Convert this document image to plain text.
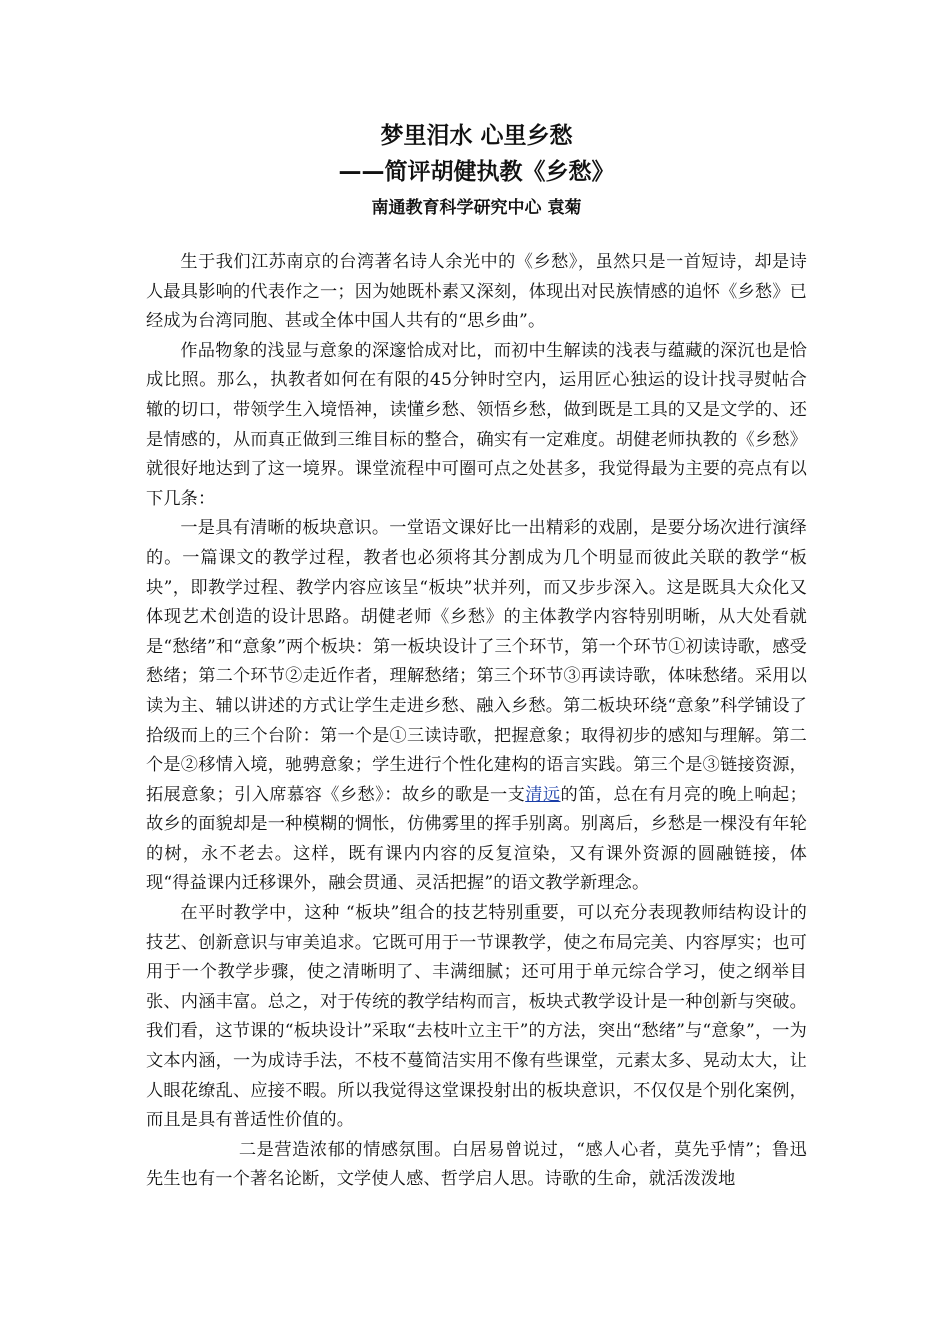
梦里泪水 心里乡愁
——简评胡健执教《乡愁》

南通教育科学研究中心 袁菊

生于我们江苏南京的台湾著名诗人余光中的《乡愁》，虽然只是一首短诗，却是诗人最具影响的代表作之一；因为她既朴素又深刻，体现出对民族情感的追怀《乡愁》已经成为台湾同胞、甚或全体中国人共有的“思乡曲”。

作品物象的浅显与意象的深邃恰成对比，而初中生解读的浅表与蕴藏的深沉也是恰成比照。那么，执教者如何在有限的45分钟时空内，运用匠心独运的设计找寻熨帖合辙的切口，带领学生入境悟神，读懂乡愁、领悟乡愁，做到既是工具的又是文学的、还是情感的，从而真正做到三维目标的整合，确实有一定难度。胡健老师执教的《乡愁》就很好地达到了这一境界。课堂流程中可圈可点之处甚多，我觉得最为主要的亮点有以下几条：

一是具有清晰的板块意识。一堂语文课好比一出精彩的戏剧，是要分场次进行演绎的。一篇课文的教学过程，教者也必须将其分割成为几个明显而彼此关联的教学“板块”，即教学过程、教学内容应该呈“板块”状并列，而又步步深入。这是既具大众化又体现艺术创造的设计思路。胡健老师《乡愁》的主体教学内容特别明晰，从大处看就是“愁绪”和“意象”两个板块：第一板块设计了三个环节，第一个环节①初读诗歌，感受愁绪；第二个环节②走近作者，理解愁绪；第三个环节③再读诗歌，体味愁绪。采用以读为主、辅以讲述的方式让学生走进乡愁、融入乡愁。第二板块环绕“意象”科学铺设了拾级而上的三个台阶：第一个是①三读诗歌，把握意象；取得初步的感知与理解。第二个是②移情入境，驰骋意象；学生进行个性化建构的语言实践。第三个是③链接资源，拓展意象；引入席慕容《乡愁》：故乡的歌是一支清远的笛，总在有月亮的晚上响起；故乡的面貌却是一种模糊的惆怅，仿佛雾里的挥手别离。别离后，乡愁是一棵没有年轮的树，永不老去。这样，既有课内内容的反复渲染，又有课外资源的圆融链接，体现“得益课内迁移课外，融会贯通、灵活把握”的语文教学新理念。

在平时教学中，这种 “板块”组合的技艺特别重要，可以充分表现教师结构设计的技艺、创新意识与审美追求。它既可用于一节课教学，使之布局完美、内容厚实；也可用于一个教学步骤，使之清晰明了、丰满细腻；还可用于单元综合学习，使之纲举目张、内涵丰富。总之，对于传统的教学结构而言，板块式教学设计是一种创新与突破。我们看，这节课的“板块设计”采取“去枝叶立主干”的方法，突出“愁绪”与“意象”，一为文本内涵，一为成诗手法，不枝不蔓简洁实用不像有些课堂，元素太多、晃动太大，让人眼花缭乱、应接不暇。所以我觉得这堂课投射出的板块意识，不仅仅是个别化案例，而且是具有普适性价值的。

二是营造浓郁的情感氛围。白居易曾说过，“感人心者，莫先乎情”；鲁迅先生也有一个著名论断，文学使人感、哲学启人思。诗歌的生命，就活泼泼地
